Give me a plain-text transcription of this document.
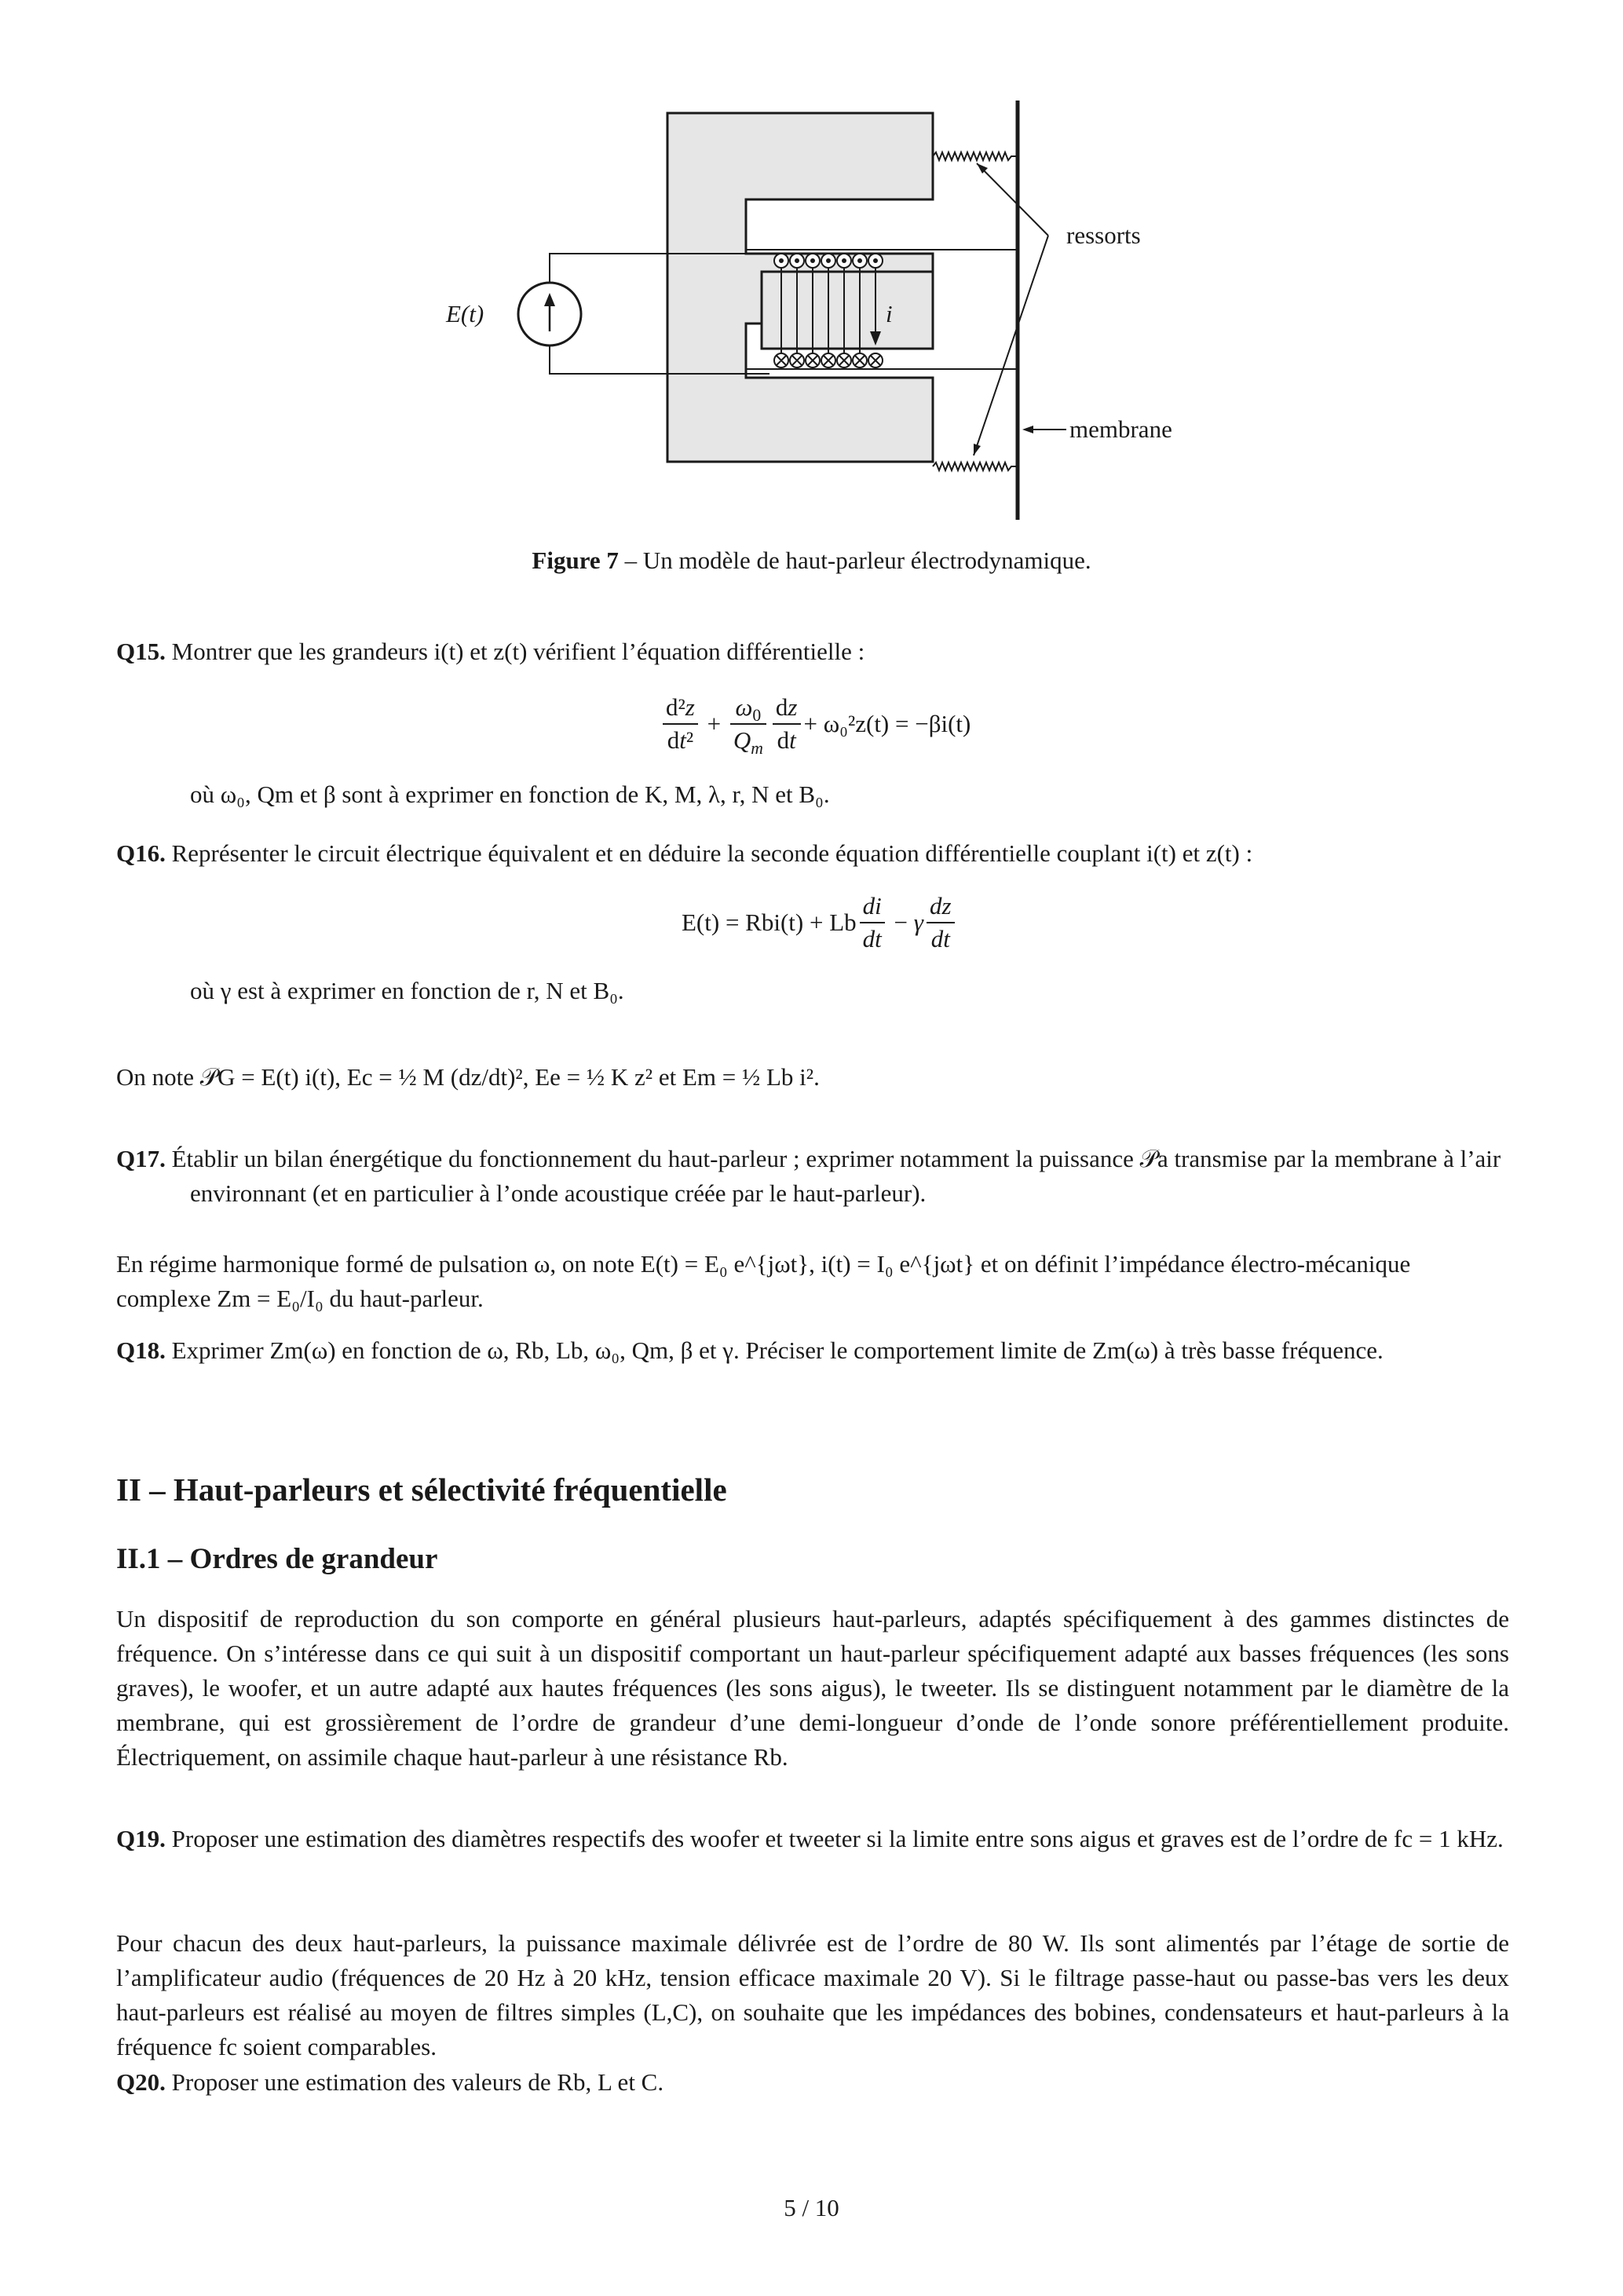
E(t)	i
ressorts
membrane
Figure 7 – Un modèle de haut-parleur électrodynamique.
Q15. Montrer que les grandeurs i(t) et z(t) vérifient l’équation différentielle :
$\frac{\text{d²z}}{\text{dt²}} + \frac{\omega_0}{Q_m} \frac{dz}{dt} + \omega_0^2z(t) = -\beta i(t)$
où ω₀, Qm et β sont à exprimer en fonction de K, M, λ, r, N et B₀.
Q16. Représenter le circuit électrique équivalent et en déduire la seconde équation différentielle couplant i(t) et z(t) :
E(t) = Rbi(t) + Lb $\frac{di}{dt} - \gamma \frac{dz}{dt}$
où γ est à exprimer en fonction de r, N et B₀.
On note 𝒫G = E(t) i(t), Ec = ½ M (dz/dt)², Ee = ½ K z² et Em = ½ Lb i².
Q17. Établir un bilan énergétique du fonctionnement du haut-parleur ; exprimer notamment la puissance 𝒫a transmise par la membrane à l’air environnant (et en particulier à l’onde acoustique créée par le haut-parleur).
En régime harmonique formé de pulsation ω, on note E(t) = E₀ e^{jωt}, i(t) = I₀ e^{jωt} et on définit l’impédance électro-mécanique complexe Zm = E₀/I₀ du haut-parleur.
Q18. Exprimer Zm(ω) en fonction de ω, Rb, Lb, ω₀, Qm, β et γ. Préciser le comportement limite de Zm(ω) à très basse fréquence.
II – Haut-parleurs et sélectivité fréquentielle
II.1 – Ordres de grandeur
Un dispositif de reproduction du son comporte en général plusieurs haut-parleurs, adaptés spécifiquement à des gammes distinctes de fréquence. On s’intéresse dans ce qui suit à un dispositif comportant un haut-parleur spécifiquement adapté aux basses fréquences (les sons graves), le woofer, et un autre adapté aux hautes fréquences (les sons aigus), le tweeter. Ils se distinguent notamment par le diamètre de la membrane, qui est grossièrement de l’ordre de grandeur d’une demi-longueur d’onde de l’onde sonore préférentiellement produite. Électriquement, on assimile chaque haut-parleur à une résistance Rb.
Q19. Proposer une estimation des diamètres respectifs des woofer et tweeter si la limite entre sons aigus et graves est de l’ordre de fc = 1 kHz.
Pour chacun des deux haut-parleurs, la puissance maximale délivrée est de l’ordre de 80 W. Ils sont alimentés par l’étage de sortie de l’amplificateur audio (fréquences de 20 Hz à 20 kHz, tension efficace maximale 20 V). Si le filtrage passe-haut ou passe-bas vers les deux haut-parleurs est réalisé au moyen de filtres simples (L,C), on souhaite que les impédances des bobines, condensateurs et haut-parleurs à la fréquence fc soient comparables.
Q20. Proposer une estimation des valeurs de Rb, L et C.
5 / 10
